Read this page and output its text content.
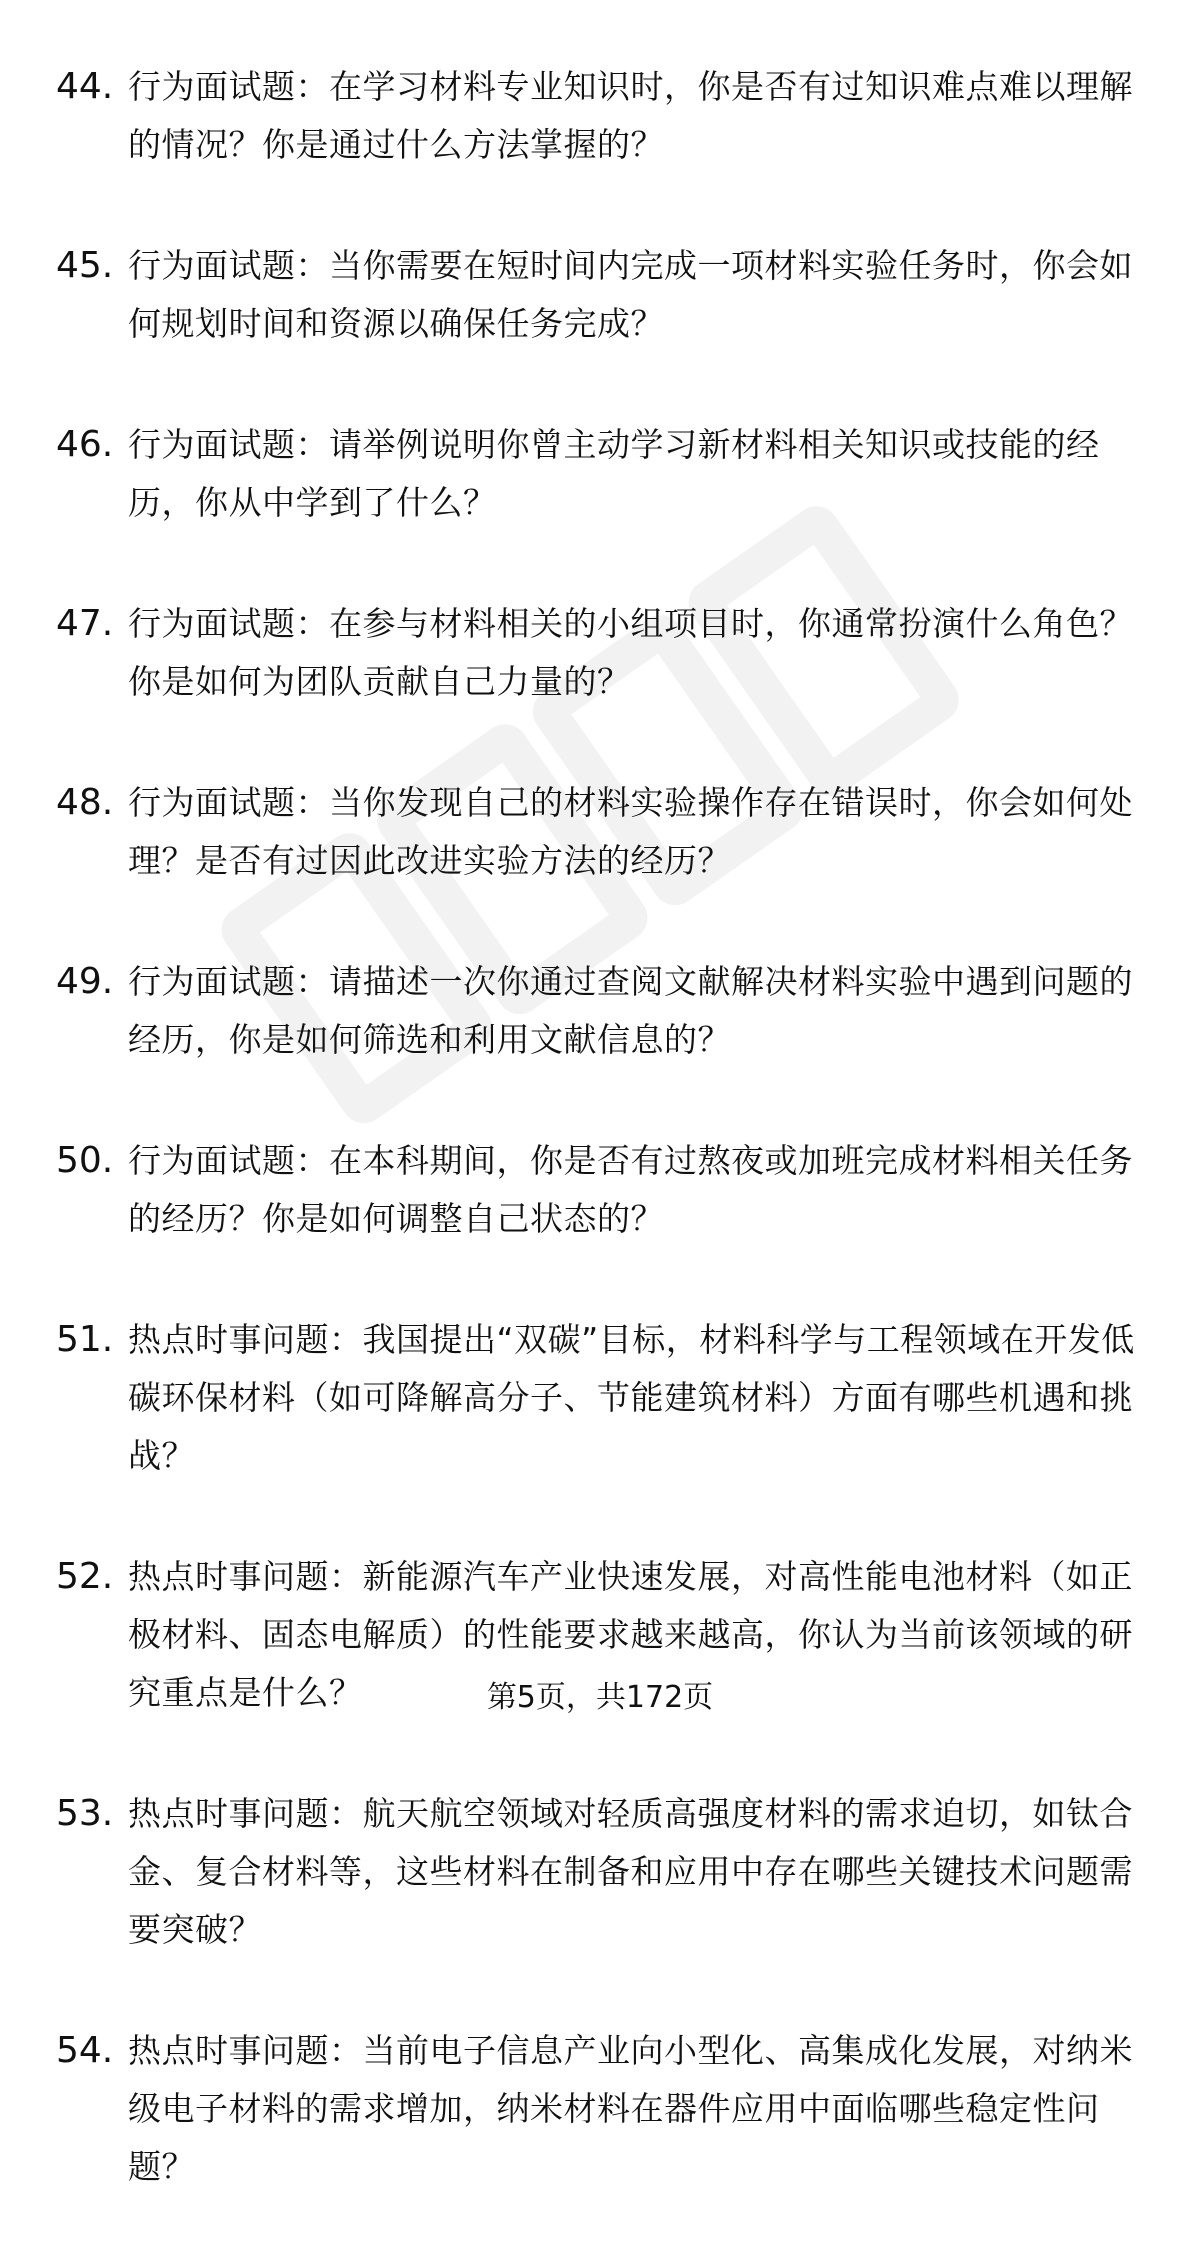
44. 行为面试题：在学习材料专业知识时，你是否有过知识难点难以理解的情况？你是通过什么方法掌握的？
45. 行为面试题：当你需要在短时间内完成一项材料实验任务时，你会如何规划时间和资源以确保任务完成？
46. 行为面试题：请举例说明你曾主动学习新材料相关知识或技能的经历，你从中学到了什么？
47. 行为面试题：在参与材料相关的小组项目时，你通常扮演什么角色？你是如何为团队贡献自己力量的？
48. 行为面试题：当你发现自己的材料实验操作存在错误时，你会如何处理？是否有过因此改进实验方法的经历？
49. 行为面试题：请描述一次你通过查阅文献解决材料实验中遇到问题的经历，你是如何筛选和利用文献信息的？
50. 行为面试题：在本科期间，你是否有过熬夜或加班完成材料相关任务的经历？你是如何调整自己状态的？
51. 热点时事问题：我国提出“双碳”目标，材料科学与工程领域在开发低碳环保材料（如可降解高分子、节能建筑材料）方面有哪些机遇和挑战？
52. 热点时事问题：新能源汽车产业快速发展，对高性能电池材料（如正极材料、固态电解质）的性能要求越来越高，你认为当前该领域的研究重点是什么？
53. 热点时事问题：航天航空领域对轻质高强度材料的需求迫切，如钛合金、复合材料等，这些材料在制备和应用中存在哪些关键技术问题需要突破？
54. 热点时事问题：当前电子信息产业向小型化、高集成化发展，对纳米级电子材料的需求增加，纳米材料在器件应用中面临哪些稳定性问题？
第5页，共172页
